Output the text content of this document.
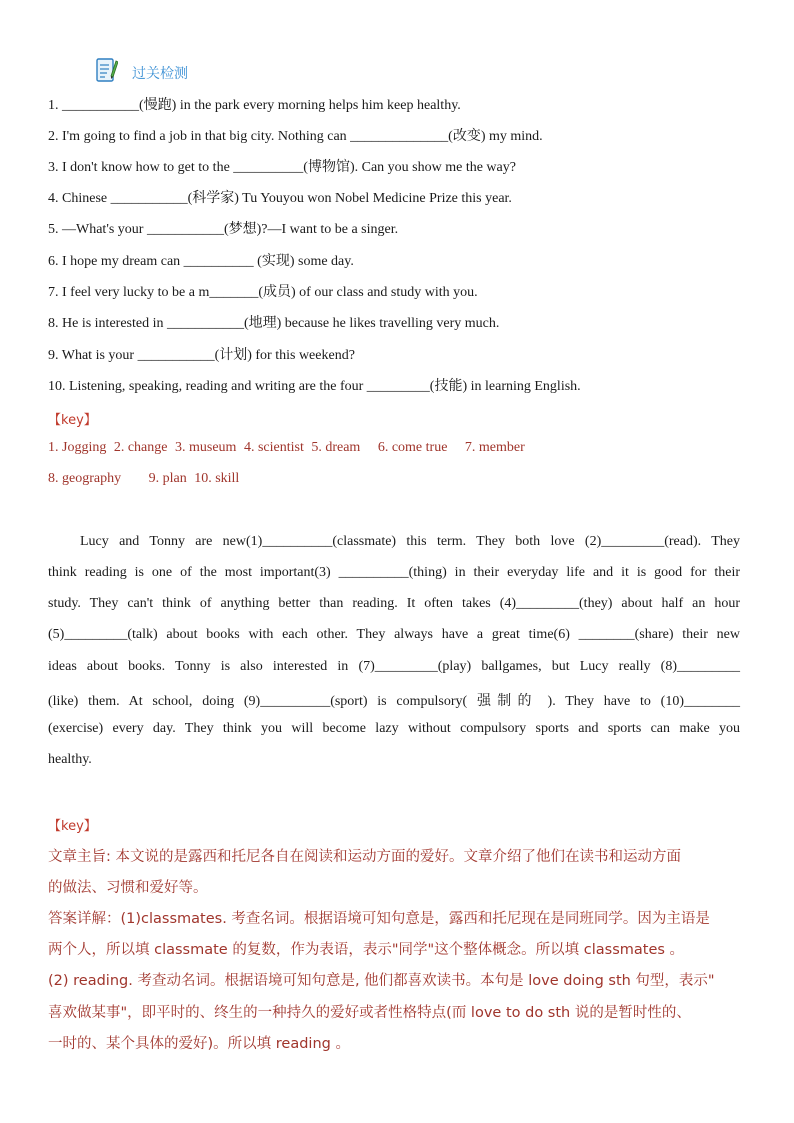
过关检测
1. ___________(慢跑) in the park every morning helps him keep healthy.
2. I'm going to find a job in that big city. Nothing can ______________(改变) my mind.
3. I don't know how to get to the __________(博物馆). Can you show me the way?
4. Chinese ___________(科学家) Tu Youyou won Nobel Medicine Prize this year.
5. —What's your ___________(梦想)?—I want to be a singer.
6. I hope my dream can __________ (实现) some day.
7. I feel very lucky to be a m_______(成员) of our class and study with you.
8. He is interested in ___________(地理) because he likes travelling very much.
9. What is your ___________(计划) for this weekend?
10. Listening, speaking, reading and writing are the four _________(技能) in learning English.
【key】
1. Jogging 2. change 3. museum 4. scientist 5. dream 6. come true 7. member
8. geography 9. plan 10. skill
Lucy and Tonny are new(1)__________(classmate) this term. They both love (2)_________(read). They
think reading is one of the most important(3) __________(thing) in their everyday life and it is good for their
study. They can't think of anything better than reading. It often takes (4)_________(they) about half an hour
(5)_________(talk) about books with each other. They always have a great time(6) ________(share) their new
ideas about books. Tonny is also interested in (7)_________(play) ballgames, but Lucy really (8)_________
(like) them. At school, doing (9)__________(sport) is compulsory( 强制的 ). They have to (10)________
(exercise) every day. They think you will become lazy without compulsory sports and sports can make you
healthy.
【key】
文章主旨: 本文说的是露西和托尼各自在阅读和运动方面的爱好。文章介绍了他们在读书和运动方面
的做法、习惯和爱好等。
答案详解：(1)classmates. 考查名词。根据语境可知句意是，露西和托尼现在是同班同学。因为主语是
两个人，所以填 classmate 的复数，作为表语，表示"同学"这个整体概念。所以填 classmates 。
(2) reading. 考查动名词。根据语境可知句意是, 他们都喜欢读书。本句是 love doing sth 句型，表示"
喜欢做某事"，即平时的、终生的一种持久的爱好或者性格特点(而 love to do sth 说的是暂时性的、
一时的、某个具体的爱好)。所以填 reading 。
